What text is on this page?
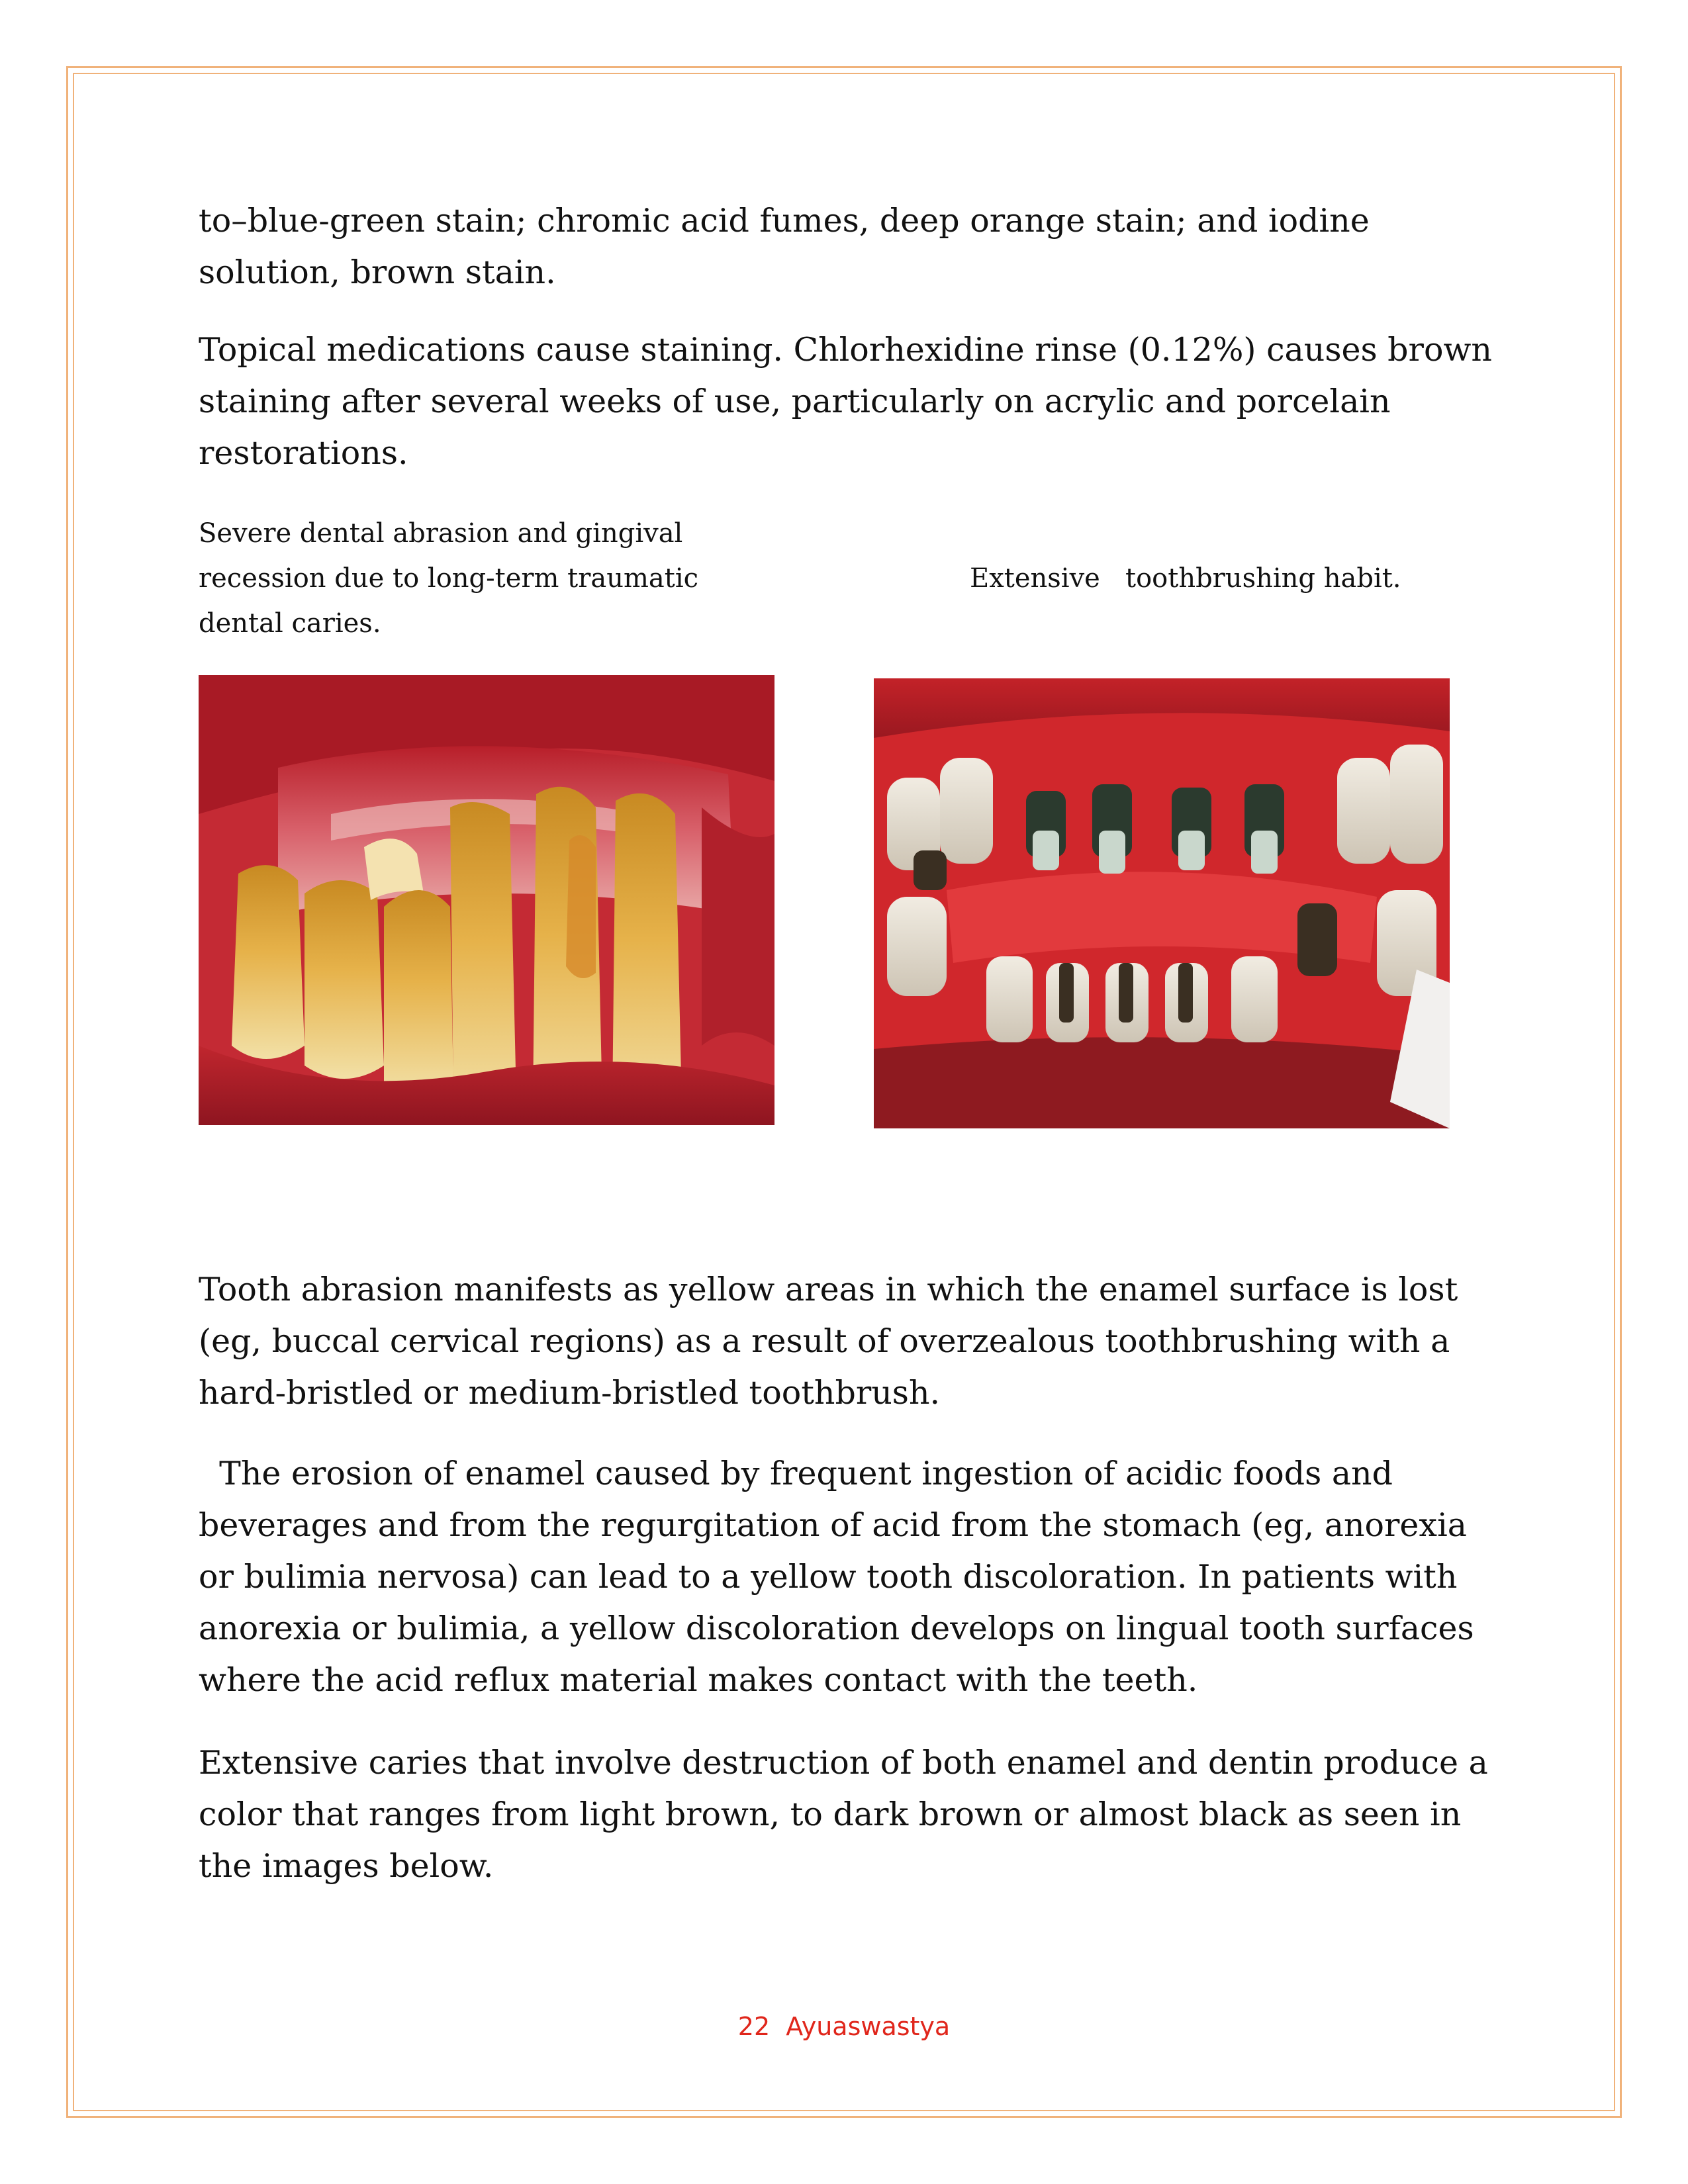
to–blue-green stain; chromic acid fumes, deep orange stain; and iodine solution, brown stain.

Topical medications cause staining. Chlorhexidine rinse (0.12%) causes brown staining after several weeks of use, particularly on acrylic and porcelain restorations.

Severe dental abrasion and gingival
recession due to long-term traumatic
dental caries.

Extensive   toothbrushing habit.

Tooth abrasion manifests as yellow areas in which the enamel surface is lost (eg, buccal cervical regions) as a result of overzealous toothbrushing with a hard-bristled or medium-bristled toothbrush.

The erosion of enamel caused by frequent ingestion of acidic foods and beverages and from the regurgitation of acid from the stomach (eg, anorexia or bulimia nervosa) can lead to a yellow tooth discoloration. In patients with anorexia or bulimia, a yellow discoloration develops on lingual tooth surfaces where the acid reflux material makes contact with the teeth.

Extensive caries that involve destruction of both enamel and dentin produce a color that ranges from light brown, to dark brown or almost black as seen in the images below.

22 Ayuaswastya
